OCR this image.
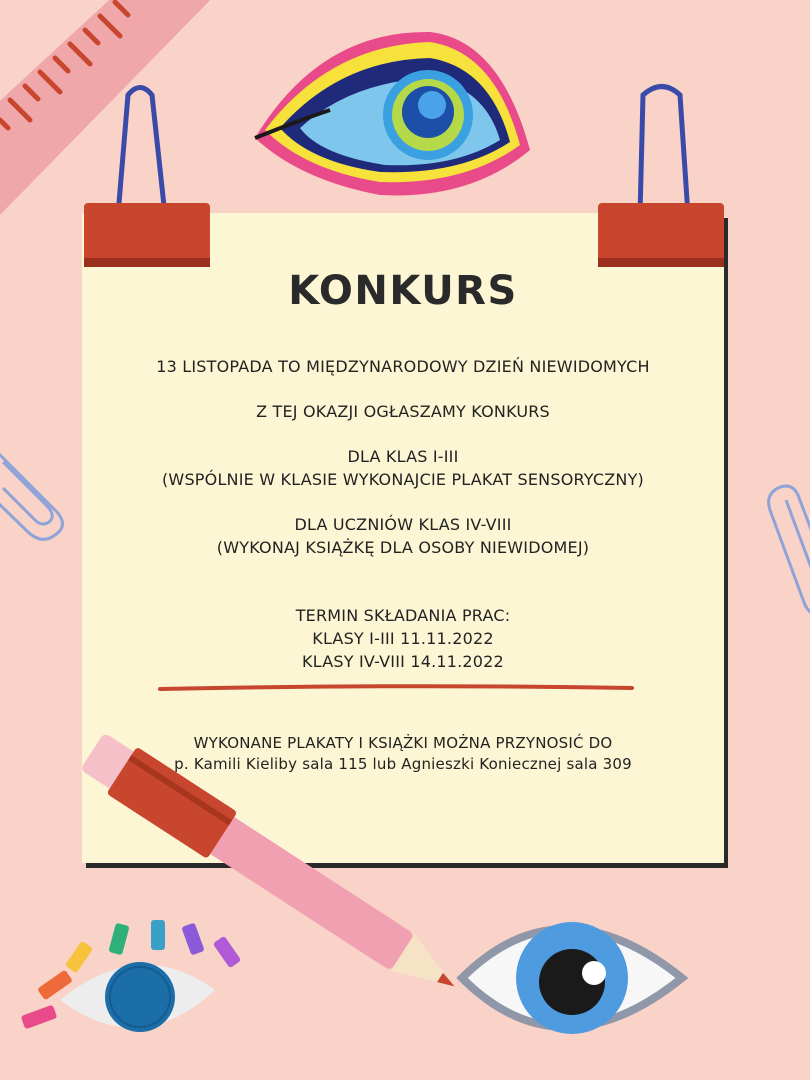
KONKURS
13 LISTOPADA TO MIĘDZYNARODOWY DZIEŃ NIEWIDOMYCH
Z TEJ OKAZJI OGŁASZAMY KONKURS
DLA KLAS I-III
(WSPÓLNIE W KLASIE WYKONAJCIE PLAKAT SENSORYCZNY)
DLA UCZNIÓW KLAS IV-VIII
(WYKONAJ KSIĄŻKĘ DLA OSOBY NIEWIDOMEJ)
TERMIN SKŁADANIA PRAC:
KLASY I-III 11.11.2022
KLASY IV-VIII 14.11.2022
WYKONANE PLAKATY I KSIĄŻKI MOŻNA PRZYNOSIĆ DO
p. Kamili Kieliby sala 115 lub Agnieszki Koniecznej sala 309
